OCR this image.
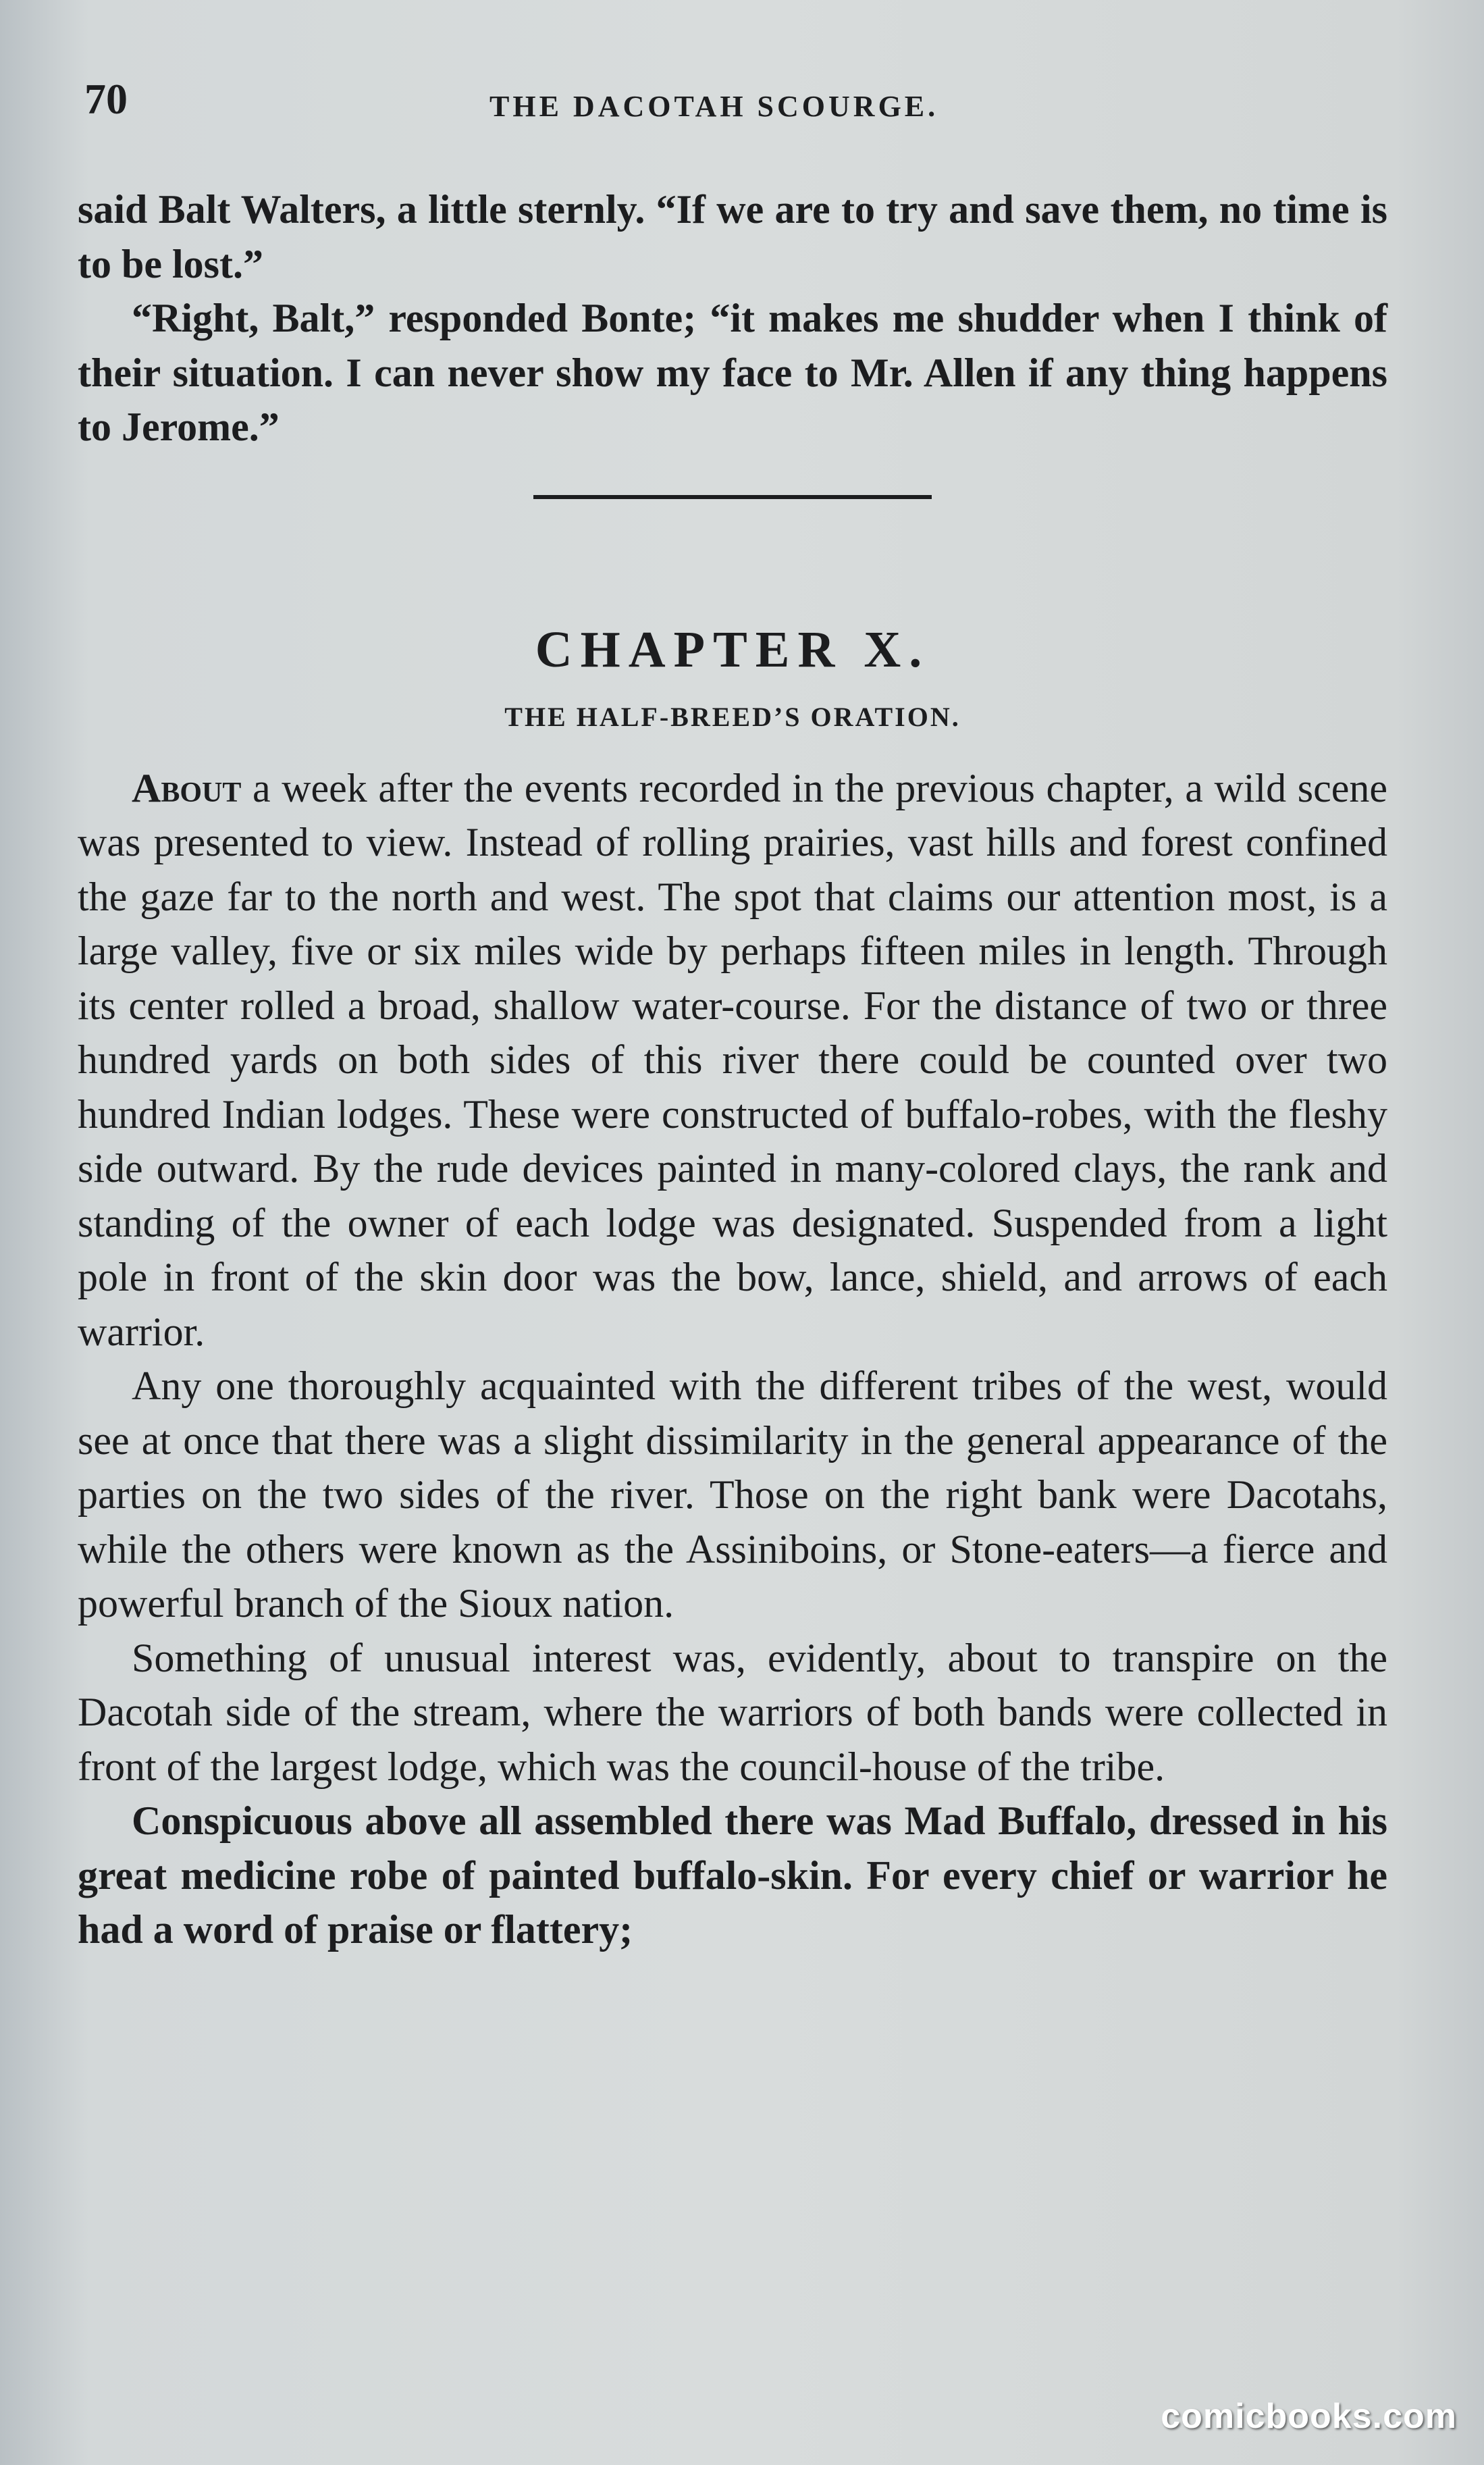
70	THE DACOTAH SCOURGE.

said Balt Walters, a little sternly. “If we are to try and save them, no time is to be lost.”

“Right, Balt,” responded Bonte; “it makes me shudder when I think of their situation. I can never show my face to Mr. Allen if any thing happens to Jerome.”

CHAPTER X.
THE HALF-BREED’S ORATION.

About a week after the events recorded in the previous chapter, a wild scene was presented to view. Instead of rolling prairies, vast hills and forest confined the gaze far to the north and west. The spot that claims our attention most, is a large valley, five or six miles wide by perhaps fifteen miles in length. Through its center rolled a broad, shallow water-course. For the distance of two or three hundred yards on both sides of this river there could be counted over two hundred Indian lodges. These were constructed of buffalo-robes, with the fleshy side outward. By the rude devices painted in many-colored clays, the rank and standing of the owner of each lodge was designated. Suspended from a light pole in front of the skin door was the bow, lance, shield, and arrows of each warrior.

Any one thoroughly acquainted with the different tribes of the west, would see at once that there was a slight dissimilarity in the general appearance of the parties on the two sides of the river. Those on the right bank were Dacotahs, while the others were known as the Assiniboins, or Stone-eaters—a fierce and powerful branch of the Sioux nation.

Something of unusual interest was, evidently, about to transpire on the Dacotah side of the stream, where the warriors of both bands were collected in front of the largest lodge, which was the council-house of the tribe.

Conspicuous above all assembled there was Mad Buffalo, dressed in his great medicine robe of painted buffalo-skin. For every chief or warrior he had a word of praise or flattery;

comicbooks.com
